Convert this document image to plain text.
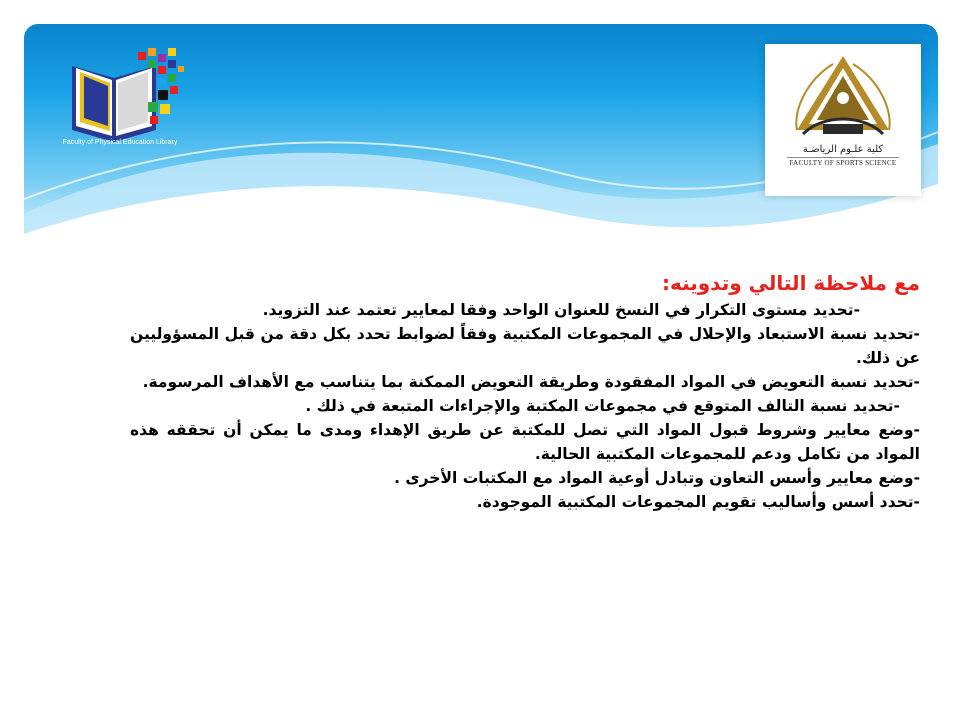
Faculty of Physical Education Library
كلية علـوم الرياضـة
FACULTY OF SPORTS SCIENCE

مع ملاحظة التالي وتدوينه:

-تحديد مستوى التكرار في النسخ للعنوان الواحد وفقا لمعايير تعتمد عند التزويد.

-تحديد نسبة الاستبعاد والإحلال في المجموعات المكتبية وفقاً لضوابط تحدد بكل دقة من قبل المسؤوليين عن ذلك.

-تحديد نسبة التعويض في المواد المفقودة وطريقة التعويض الممكنة بما يتناسب مع الأهداف المرسومة.

-تحديد نسبة التالف المتوقع في مجموعات المكتبة والإجراءات المتبعة في ذلك .

-وضع معايير وشروط قبول المواد التي تصل للمكتبة عن طريق الإهداء ومدى ما يمكن أن تحققه هذه المواد من تكامل ودعم للمجموعات المكتبية الحالية.

-وضع معايير وأسس التعاون وتبادل أوعية المواد مع المكتبات الأخرى .

-تحدد أسس وأساليب تقويم المجموعات المكتبية الموجودة.
